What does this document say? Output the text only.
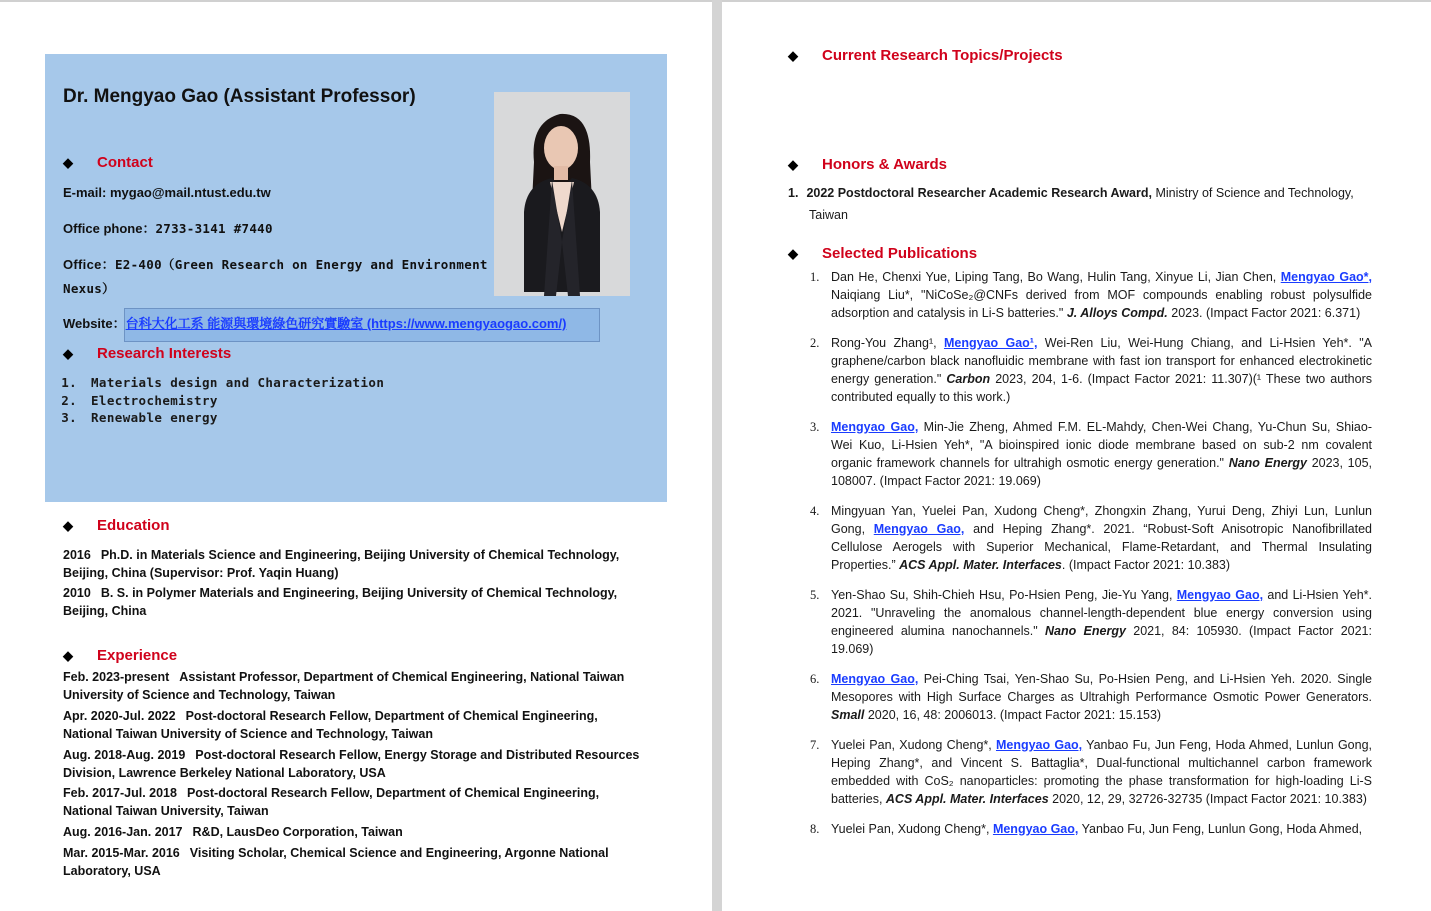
Dr. Mengyao Gao (Assistant Professor)
◆	Contact
E-mail: mygao@mail.ntust.edu.tw
Office phone：2733-3141 #7440
Office：E2-400（Green Research on Energy and Environment
Nexus）
Website：台科大化工系 能源與環境綠色研究實驗室 (https://www.mengyaogao.com/)
◆	Research Interests
1. Materials design and Characterization
2. Electrochemistry
3. Renewable energy
◆	Education
2016 Ph.D. in Materials Science and Engineering, Beijing University of Chemical Technology,
Beijing, China (Supervisor: Prof. Yaqin Huang)
2010 B. S. in Polymer Materials and Engineering, Beijing University of Chemical Technology,
Beijing, China
◆	Experience
Feb. 2023-present Assistant Professor, Department of Chemical Engineering, National Taiwan
University of Science and Technology, Taiwan
Apr. 2020-Jul. 2022 Post-doctoral Research Fellow, Department of Chemical Engineering,
National Taiwan University of Science and Technology, Taiwan
Aug. 2018-Aug. 2019 Post-doctoral Research Fellow, Energy Storage and Distributed Resources
Division, Lawrence Berkeley National Laboratory, USA
Feb. 2017-Jul. 2018 Post-doctoral Research Fellow, Department of Chemical Engineering,
National Taiwan University, Taiwan
Aug. 2016-Jan. 2017 R&D, LausDeo Corporation, Taiwan
Mar. 2015-Mar. 2016 Visiting Scholar, Chemical Science and Engineering, Argonne National
Laboratory, USA
◆	Current Research Topics/Projects
◆	Honors & Awards
1. 2022 Postdoctoral Researcher Academic Research Award, Ministry of Science and Technology,
Taiwan
◆	Selected Publications
1. Dan He, Chenxi Yue, Liping Tang, Bo Wang, Hulin Tang, Xinyue Li, Jian Chen, Mengyao Gao*, Naiqiang Liu*, "NiCoSe₂@CNFs derived from MOF compounds enabling robust polysulfide adsorption and catalysis in Li-S batteries." J. Alloys Compd. 2023. (Impact Factor 2021: 6.371)
2. Rong-You Zhang¹, Mengyao Gao¹, Wei-Ren Liu, Wei-Hung Chiang, and Li-Hsien Yeh*. "A graphene/carbon black nanofluidic membrane with fast ion transport for enhanced electrokinetic energy generation." Carbon 2023, 204, 1-6. (Impact Factor 2021: 11.307)(¹ These two authors contributed equally to this work.)
3. Mengyao Gao, Min-Jie Zheng, Ahmed F.M. EL-Mahdy, Chen-Wei Chang, Yu-Chun Su, Shiao-Wei Kuo, Li-Hsien Yeh*, "A bioinspired ionic diode membrane based on sub-2 nm covalent organic framework channels for ultrahigh osmotic energy generation." Nano Energy 2023, 105, 108007. (Impact Factor 2021: 19.069)
4. Mingyuan Yan, Yuelei Pan, Xudong Cheng*, Zhongxin Zhang, Yurui Deng, Zhiyi Lun, Lunlun Gong, Mengyao Gao, and Heping Zhang*. 2021. “Robust-Soft Anisotropic Nanofibrillated Cellulose Aerogels with Superior Mechanical, Flame-Retardant, and Thermal Insulating Properties.” ACS Appl. Mater. Interfaces. (Impact Factor 2021: 10.383)
5. Yen-Shao Su, Shih-Chieh Hsu, Po-Hsien Peng, Jie-Yu Yang, Mengyao Gao, and Li-Hsien Yeh*. 2021. "Unraveling the anomalous channel-length-dependent blue energy conversion using engineered alumina nanochannels." Nano Energy 2021, 84: 105930. (Impact Factor 2021: 19.069)
6. Mengyao Gao, Pei-Ching Tsai, Yen-Shao Su, Po-Hsien Peng, and Li-Hsien Yeh. 2020. Single Mesopores with High Surface Charges as Ultrahigh Performance Osmotic Power Generators. Small 2020, 16, 48: 2006013. (Impact Factor 2021: 15.153)
7. Yuelei Pan, Xudong Cheng*, Mengyao Gao, Yanbao Fu, Jun Feng, Hoda Ahmed, Lunlun Gong, Heping Zhang*, and Vincent S. Battaglia*, Dual-functional multichannel carbon framework embedded with CoS₂ nanoparticles: promoting the phase transformation for high-loading Li-S batteries, ACS Appl. Mater. Interfaces 2020, 12, 29, 32726-32735 (Impact Factor 2021: 10.383)
8. Yuelei Pan, Xudong Cheng*, Mengyao Gao, Yanbao Fu, Jun Feng, Lunlun Gong, Hoda Ahmed,
